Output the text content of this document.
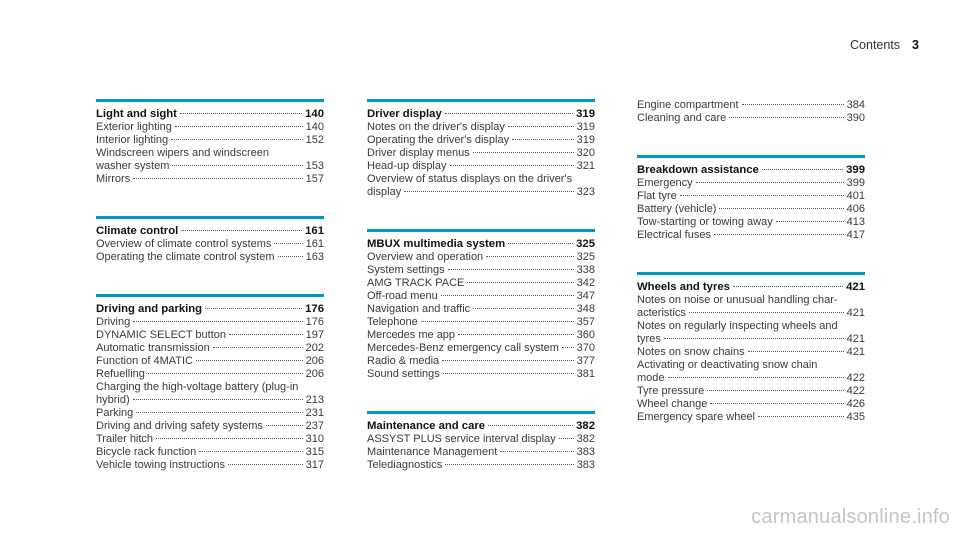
Contents 3
Light and sight	140
Exterior lighting	140
Interior lighting	152
Windscreen wipers and windscreen
washer system	153
Mirrors	157
Climate control	161
Overview of climate control systems	161
Operating the climate control system	163
Driving and parking	176
Driving	176
DYNAMIC SELECT button	197
Automatic transmission	202
Function of 4MATIC	206
Refuelling	206
Charging the high-voltage battery (plug-in
hybrid)	213
Parking	231
Driving and driving safety systems	237
Trailer hitch	310
Bicycle rack function	315
Vehicle towing instructions	317
Driver display	319
Notes on the driver's display	319
Operating the driver's display	319
Driver display menus	320
Head-up display	321
Overview of status displays on the driver's
display	323
MBUX multimedia system	325
Overview and operation	325
System settings	338
AMG TRACK PACE	342
Off-road menu	347
Navigation and traffic	348
Telephone	357
Mercedes me app	360
Mercedes-Benz emergency call system 370
Radio & media	377
Sound settings	381
Maintenance and care	382
ASSYST PLUS service interval display 382
Maintenance Management	383
Telediagnostics	383
Engine compartment	384
Cleaning and care	390
Breakdown assistance	399
Emergency	399
Flat tyre	401
Battery (vehicle)	406
Tow-starting or towing away	413
Electrical fuses	417
Wheels and tyres	421
Notes on noise or unusual handling char-
acteristics	421
Notes on regularly inspecting wheels and
tyres	421
Notes on snow chains	421
Activating or deactivating snow chain
mode	422
Tyre pressure	422
Wheel change	426
Emergency spare wheel	435
carmanualsonline.info
